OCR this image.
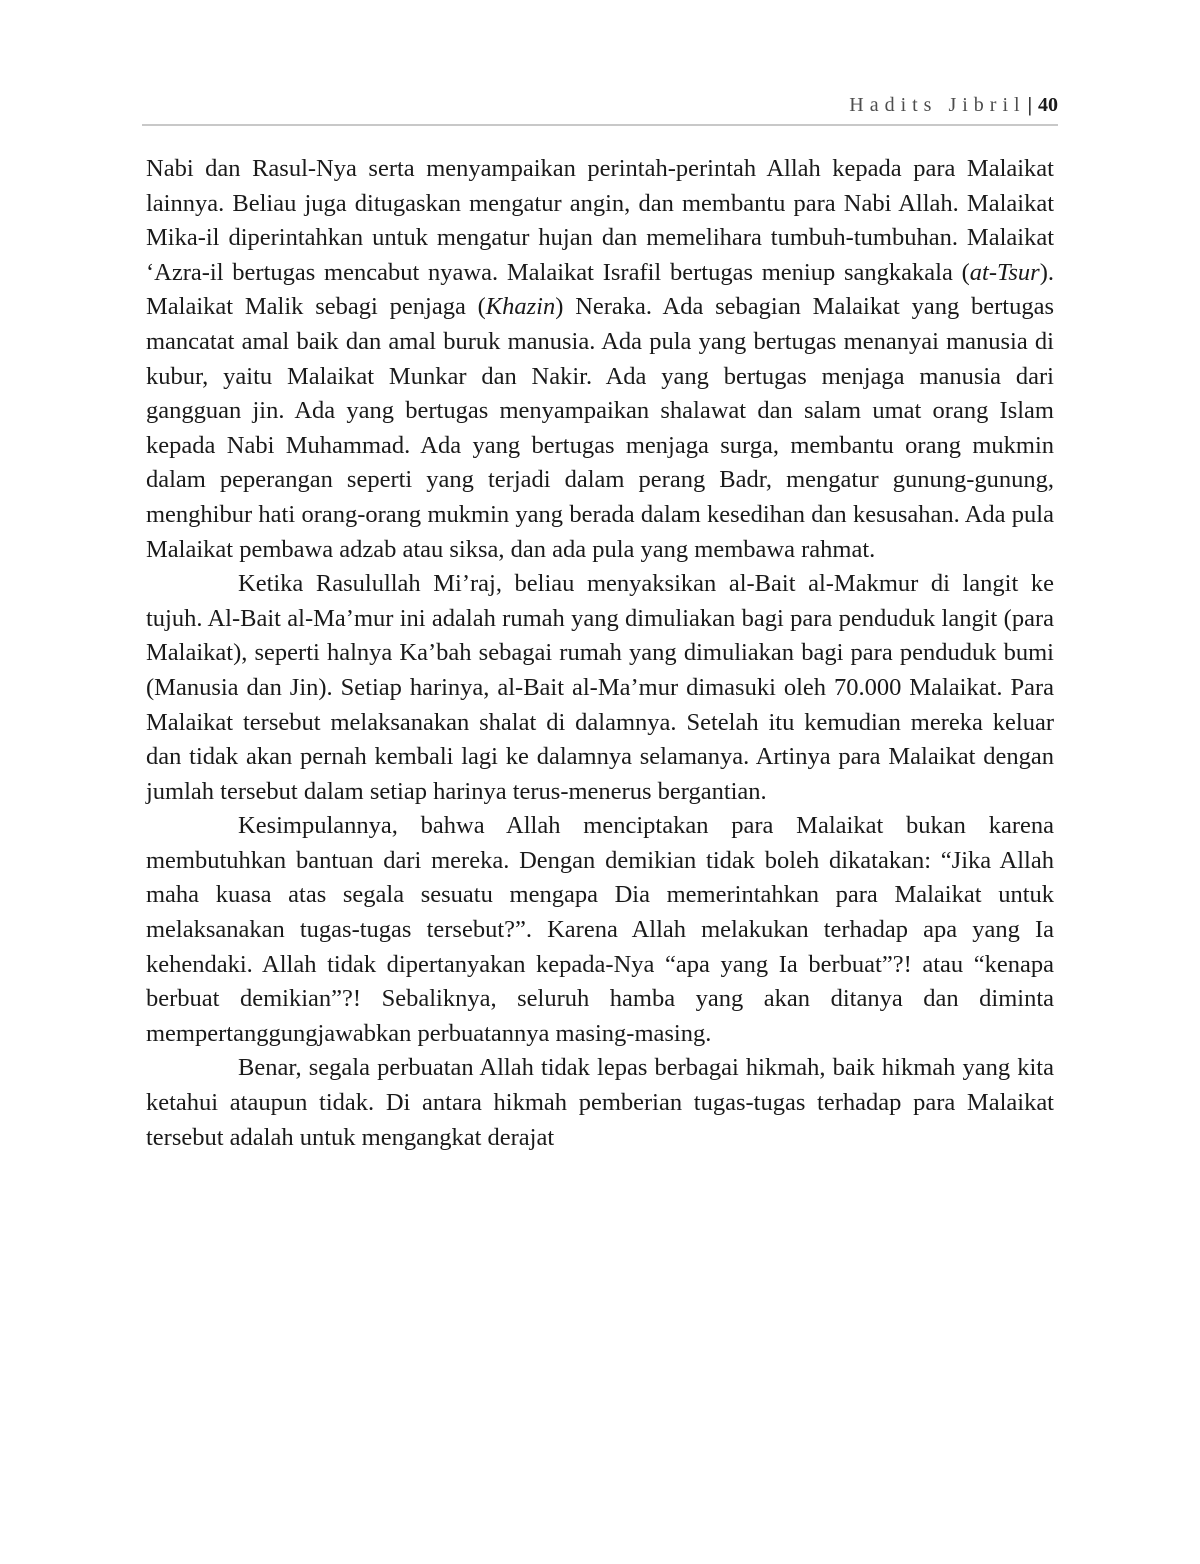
Hadits Jibril | 40

Nabi dan Rasul-Nya serta menyampaikan perintah-perintah Allah kepada para Malaikat lainnya. Beliau juga ditugaskan mengatur angin, dan membantu para Nabi Allah. Malaikat Mika-il diperintahkan untuk mengatur hujan dan memelihara tumbuh-tumbuhan. Malaikat ‘Azra-il bertugas mencabut nyawa. Malaikat Israfil bertugas meniup sangkakala (at-Tsur). Malaikat Malik sebagi penjaga (Khazin) Neraka. Ada sebagian Malaikat yang bertugas mancatat amal baik dan amal buruk manusia. Ada pula yang bertugas menanyai manusia di kubur, yaitu Malaikat Munkar dan Nakir. Ada yang bertugas menjaga manusia dari gangguan jin. Ada yang bertugas menyampaikan shalawat dan salam umat orang Islam kepada Nabi Muhammad. Ada yang bertugas menjaga surga, membantu orang mukmin dalam peperangan seperti yang terjadi dalam perang Badr, mengatur gunung-gunung, menghibur hati orang-orang mukmin yang berada dalam kesedihan dan kesusahan. Ada pula Malaikat pembawa adzab atau siksa, dan ada pula yang membawa rahmat.

Ketika Rasulullah Mi’raj, beliau menyaksikan al-Bait al-Makmur di langit ke tujuh. Al-Bait al-Ma’mur ini adalah rumah yang dimuliakan bagi para penduduk langit (para Malaikat), seperti halnya Ka’bah sebagai rumah yang dimuliakan bagi para penduduk bumi (Manusia dan Jin). Setiap harinya, al-Bait al-Ma’mur dimasuki oleh 70.000 Malaikat. Para Malaikat tersebut melaksanakan shalat di dalamnya. Setelah itu kemudian mereka keluar dan tidak akan pernah kembali lagi ke dalamnya selamanya. Artinya para Malaikat dengan jumlah tersebut dalam setiap harinya terus-menerus bergantian.

Kesimpulannya, bahwa Allah menciptakan para Malaikat bukan karena membutuhkan bantuan dari mereka. Dengan demikian tidak boleh dikatakan: “Jika Allah maha kuasa atas segala sesuatu mengapa Dia memerintahkan para Malaikat untuk melaksanakan tugas-tugas tersebut?”. Karena Allah melakukan terhadap apa yang Ia kehendaki. Allah tidak dipertanyakan kepada-Nya “apa yang Ia berbuat”?! atau “kenapa berbuat demikian”?! Sebaliknya, seluruh hamba yang akan ditanya dan diminta mempertanggungjawabkan perbuatannya masing-masing.

Benar, segala perbuatan Allah tidak lepas berbagai hikmah, baik hikmah yang kita ketahui ataupun tidak. Di antara hikmah pemberian tugas-tugas terhadap para Malaikat tersebut adalah untuk mengangkat derajat
